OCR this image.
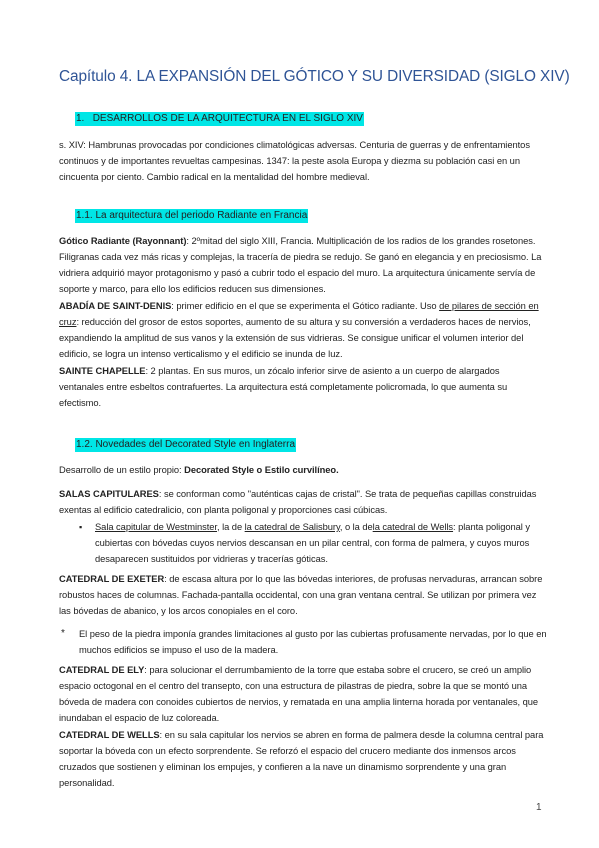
Capítulo 4. LA EXPANSIÓN DEL GÓTICO Y SU DIVERSIDAD (SIGLO XIV)
1. DESARROLLOS DE LA ARQUITECTURA EN EL SIGLO XIV
s. XIV: Hambrunas provocadas por condiciones climatológicas adversas. Centuria de guerras y de enfrentamientos continuos y de importantes revueltas campesinas. 1347: la peste asola Europa y diezma su población casi en un cincuenta por ciento. Cambio radical en la mentalidad del hombre medieval.
1.1. La arquitectura del periodo Radiante en Francia
Gótico Radiante (Rayonnant): 2ºmitad del siglo XIII, Francia. Multiplicación de los radios de los grandes rosetones. Filigranas cada vez más ricas y complejas, la tracería de piedra se redujo. Se ganó en elegancia y en preciosismo. La vidriera adquirió mayor protagonismo y pasó a cubrir todo el espacio del muro. La arquitectura únicamente servía de soporte y marco, para ello los edificios reducen sus dimensiones.
ABADÍA DE SAINT-DENIS: primer edificio en el que se experimenta el Gótico radiante. Uso de pilares de sección en cruz: reducción del grosor de estos soportes, aumento de su altura y su conversión a verdaderos haces de nervios, expandiendo la amplitud de sus vanos y la extensión de sus vidrieras. Se consigue unificar el volumen interior del edificio, se logra un intenso verticalismo y el edificio se inunda de luz.
SAINTE CHAPELLE: 2 plantas. En sus muros, un zócalo inferior sirve de asiento a un cuerpo de alargados ventanales entre esbeltos contrafuertes. La arquitectura está completamente policromada, lo que aumenta su efectismo.
1.2. Novedades del Decorated Style en Inglaterra
Desarrollo de un estilo propio: Decorated Style o Estilo curvilíneo.
SALAS CAPITULARES: se conforman como "auténticas cajas de cristal". Se trata de pequeñas capillas construidas exentas al edificio catedralicio, con planta poligonal y proporciones casi cúbicas.
▪ Sala capitular de Westminster, la de la catedral de Salisbury, o la dela catedral de Wells: planta poligonal y cubiertas con bóvedas cuyos nervios descansan en un pilar central, con forma de palmera, y cuyos muros desaparecen sustituidos por vidrieras y tracerías góticas.
CATEDRAL DE EXETER: de escasa altura por lo que las bóvedas interiores, de profusas nervaduras, arrancan sobre robustos haces de columnas. Fachada-pantalla occidental, con una gran ventana central. Se utilizan por primera vez las bóvedas de abanico, y los arcos conopiales en el coro.
* El peso de la piedra imponía grandes limitaciones al gusto por las cubiertas profusamente nervadas, por lo que en muchos edificios se impuso el uso de la madera.
CATEDRAL DE ELY: para solucionar el derrumbamiento de la torre que estaba sobre el crucero, se creó un amplio espacio octogonal en el centro del transepto, con una estructura de pilastras de piedra, sobre la que se montó una bóveda de madera con conoides cubiertos de nervios, y rematada en una amplia linterna horada por ventanales, que inundaban el espacio de luz coloreada.
CATEDRAL DE WELLS: en su sala capitular los nervios se abren en forma de palmera desde la columna central para soportar la bóveda con un efecto sorprendente. Se reforzó el espacio del crucero mediante dos inmensos arcos cruzados que sostienen y eliminan los empujes, y confieren a la nave un dinamismo sorprendente y una gran personalidad.
1
